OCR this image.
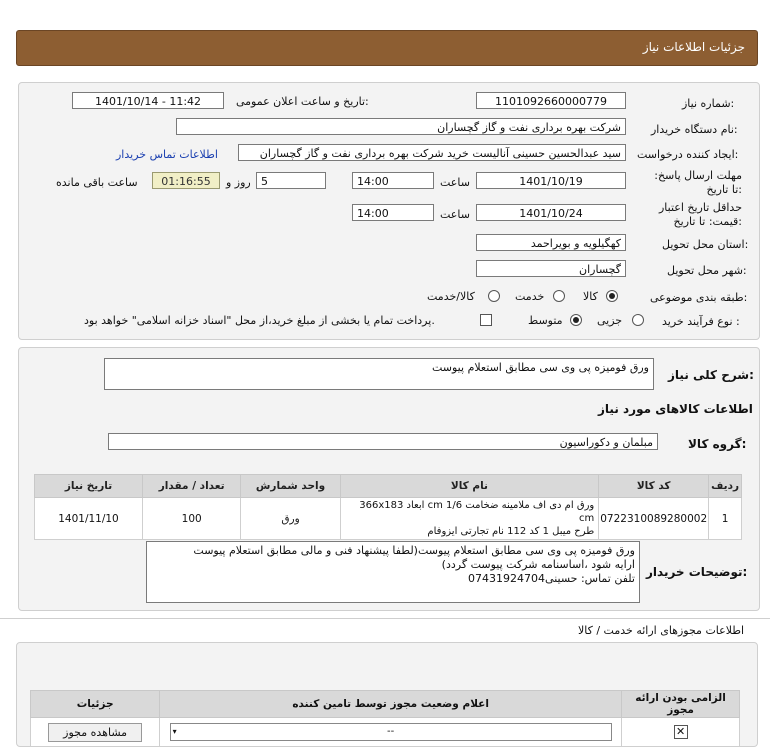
جزئیات اطلاعات نیاز
شماره نیاز:
1101092660000779
تاریخ و ساعت اعلان عمومی:
1401/10/14 - 11:42
نام دستگاه خریدار:
شرکت بهره برداری نفت و گاز گچساران
ایجاد کننده درخواست:
سید عبدالحسین حسینی آنالیست خرید شرکت بهره برداری نفت و گاز گچساران
اطلاعات تماس خریدار
مهلت ارسال پاسخ: تا تاریخ:
1401/10/19
ساعت
14:00
5
روز و
01:16:55
ساعت باقی مانده
حداقل تاریخ اعتبار قیمت: تا تاریخ:
1401/10/24
ساعت
14:00
استان محل تحویل:
کهگیلویه و بویراحمد
شهر محل تحویل:
گچساران
طبقه بندی موضوعی:
کالا
خدمت
کالا/خدمت
نوع فرآیند خرید :
جزیی
متوسط
پرداخت تمام یا بخشی از مبلغ خرید،از محل "اسناد خزانه اسلامی" خواهد بود.
شرح کلی نیاز:
ورق فومیزه پی وی سی مطابق استعلام پیوست
اطلاعات کالاهای مورد نیاز
گروه کالا:
مبلمان و دکوراسیون
ردیف	کد کالا	نام کالا	واحد شمارش	تعداد / مقدار	تاریخ نیاز
1	0722310089280002	ورق ام دی اف ملامینه ضخامت cm 1/6 ابعاد 366x183 cm
طرح میبل 1 کد 112 نام تجارتی ایزوفام	ورق	100	1401/11/10
توضیحات خریدار:
ورق فومیزه پی وی سی مطابق استعلام پیوست(لطفا پیشنهاد فنی و مالی مطابق استعلام پیوست
ارایه شود ،اساسنامه شرکت پیوست گردد)
تلفن تماس: حسینی07431924704
اطلاعات مجوزهای ارائه خدمت / کالا
الزامی بودن ارائه مجوز	اعلام وضعیت مجوز توسط تامین کننده	جزئیات
✕	--
▾	مشاهده مجوز
